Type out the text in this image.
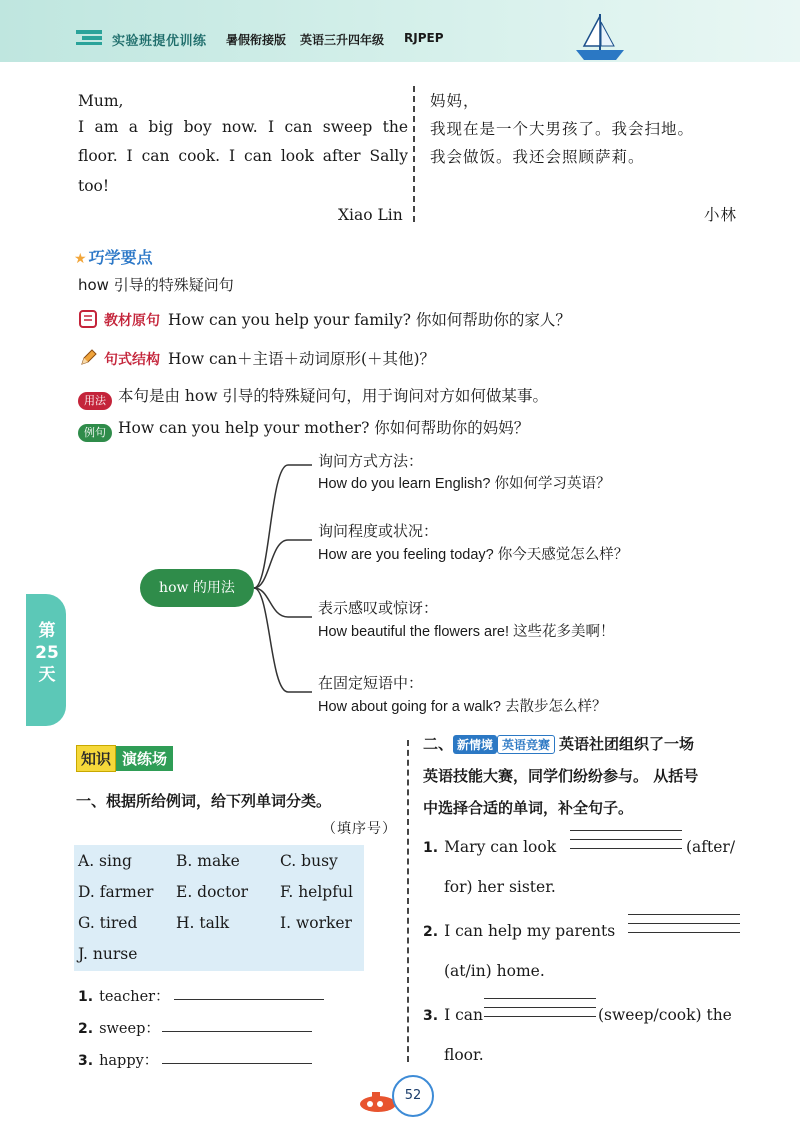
实验班提优训练 暑假衔接版 英语三升四年级 RJPEP
Mum,
I am a big boy now. I can sweep the
floor. I can cook. I can look after Sally
too!
Xiao Lin
妈妈，
我现在是一个大男孩了。我会扫地。
我会做饭。我还会照顾萨莉。
小林
★ 巧学要点
how 引导的特殊疑问句
教材原句 How can you help your family? 你如何帮助你的家人？
句式结构 How can＋主语＋动词原形(＋其他)？
用法 本句是由 how 引导的特殊疑问句，用于询问对方如何做某事。
例句 How can you help your mother? 你如何帮助你的妈妈？
how 的用法
询问方式方法：
How do you learn English? 你如何学习英语？
询问程度或状况：
How are you feeling today? 你今天感觉怎么样？
表示感叹或惊讶：
How beautiful the flowers are! 这些花多美啊！
在固定短语中：
How about going for a walk? 去散步怎么样？
第25天
知识 演练场
一、根据所给例词，给下列单词分类。
（填序号）
A. sing	B. make	C. busy
D. farmer E. doctor F. helpful
G. tired H. talk	I. worker
J. nurse
1. teacher：
2. sweep：
3. happy：
二、 新情境 英语竞赛 英语社团组织了一场
英语技能大赛，同学们纷纷参与。 从括号
中选择合适的单词，补全句子。
1. Mary can look	(after/
for) her sister.
2. I can help my parents
(at/in) home.
3. I can	(sweep/cook) the
floor.
52
